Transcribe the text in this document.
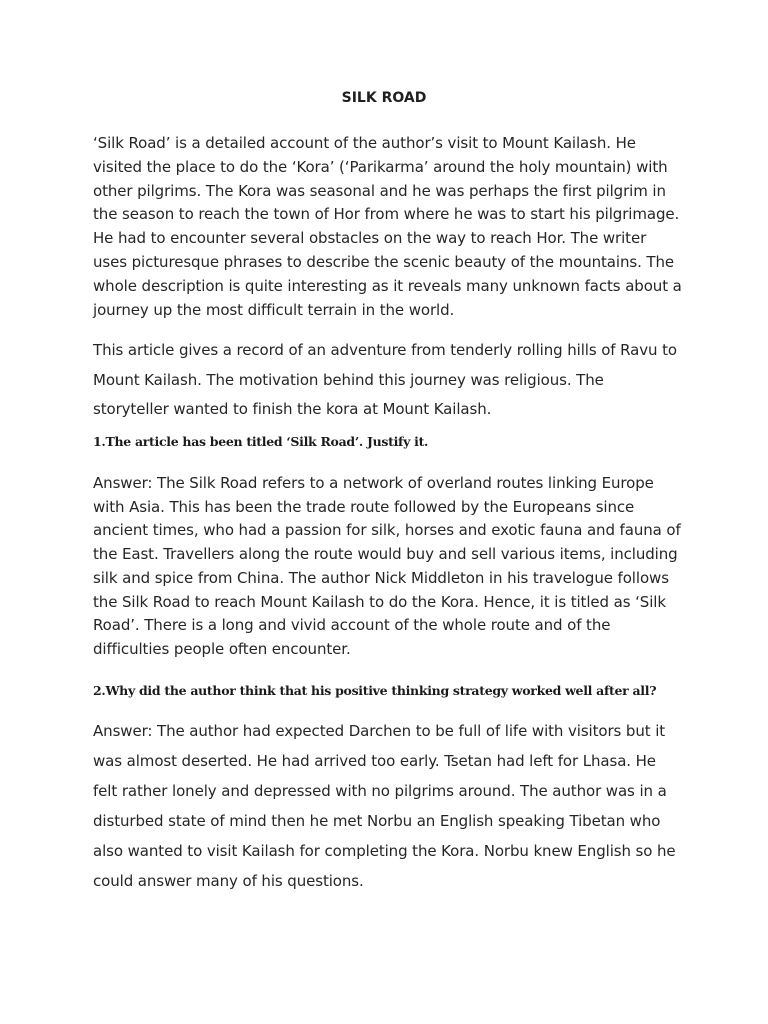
SILK ROAD

‘Silk Road’ is a detailed account of the author’s visit to Mount Kailash. He visited the place to do the ‘Kora’ (‘Parikarma’ around the holy mountain) with other pilgrims. The Kora was seasonal and he was perhaps the first pilgrim in the season to reach the town of Hor from where he was to start his pilgrimage. He had to encounter several obstacles on the way to reach Hor. The writer uses picturesque phrases to describe the scenic beauty of the mountains. The whole description is quite interesting as it reveals many unknown facts about a journey up the most difficult terrain in the world.

This article gives a record of an adventure from tenderly rolling hills of Ravu to Mount Kailash. The motivation behind this journey was religious. The storyteller wanted to finish the kora at Mount Kailash.

1.The article has been titled ‘Silk Road’. Justify it.

Answer: The Silk Road refers to a network of overland routes linking Europe with Asia. This has been the trade route followed by the Europeans since ancient times, who had a passion for silk, horses and exotic fauna and fauna of the East. Travellers along the route would buy and sell various items, including silk and spice from China. The author Nick Middleton in his travelogue follows the Silk Road to reach Mount Kailash to do the Kora. Hence, it is titled as ‘Silk Road’. There is a long and vivid account of the whole route and of the difficulties people often encounter.

2.Why did the author think that his positive thinking strategy worked well after all?

Answer: The author had expected Darchen to be full of life with visitors but it was almost deserted. He had arrived too early. Tsetan had left for Lhasa. He felt rather lonely and depressed with no pilgrims around. The author was in a disturbed state of mind then he met Norbu an English speaking Tibetan who also wanted to visit Kailash for completing the Kora. Norbu knew English so he could answer many of his questions.
